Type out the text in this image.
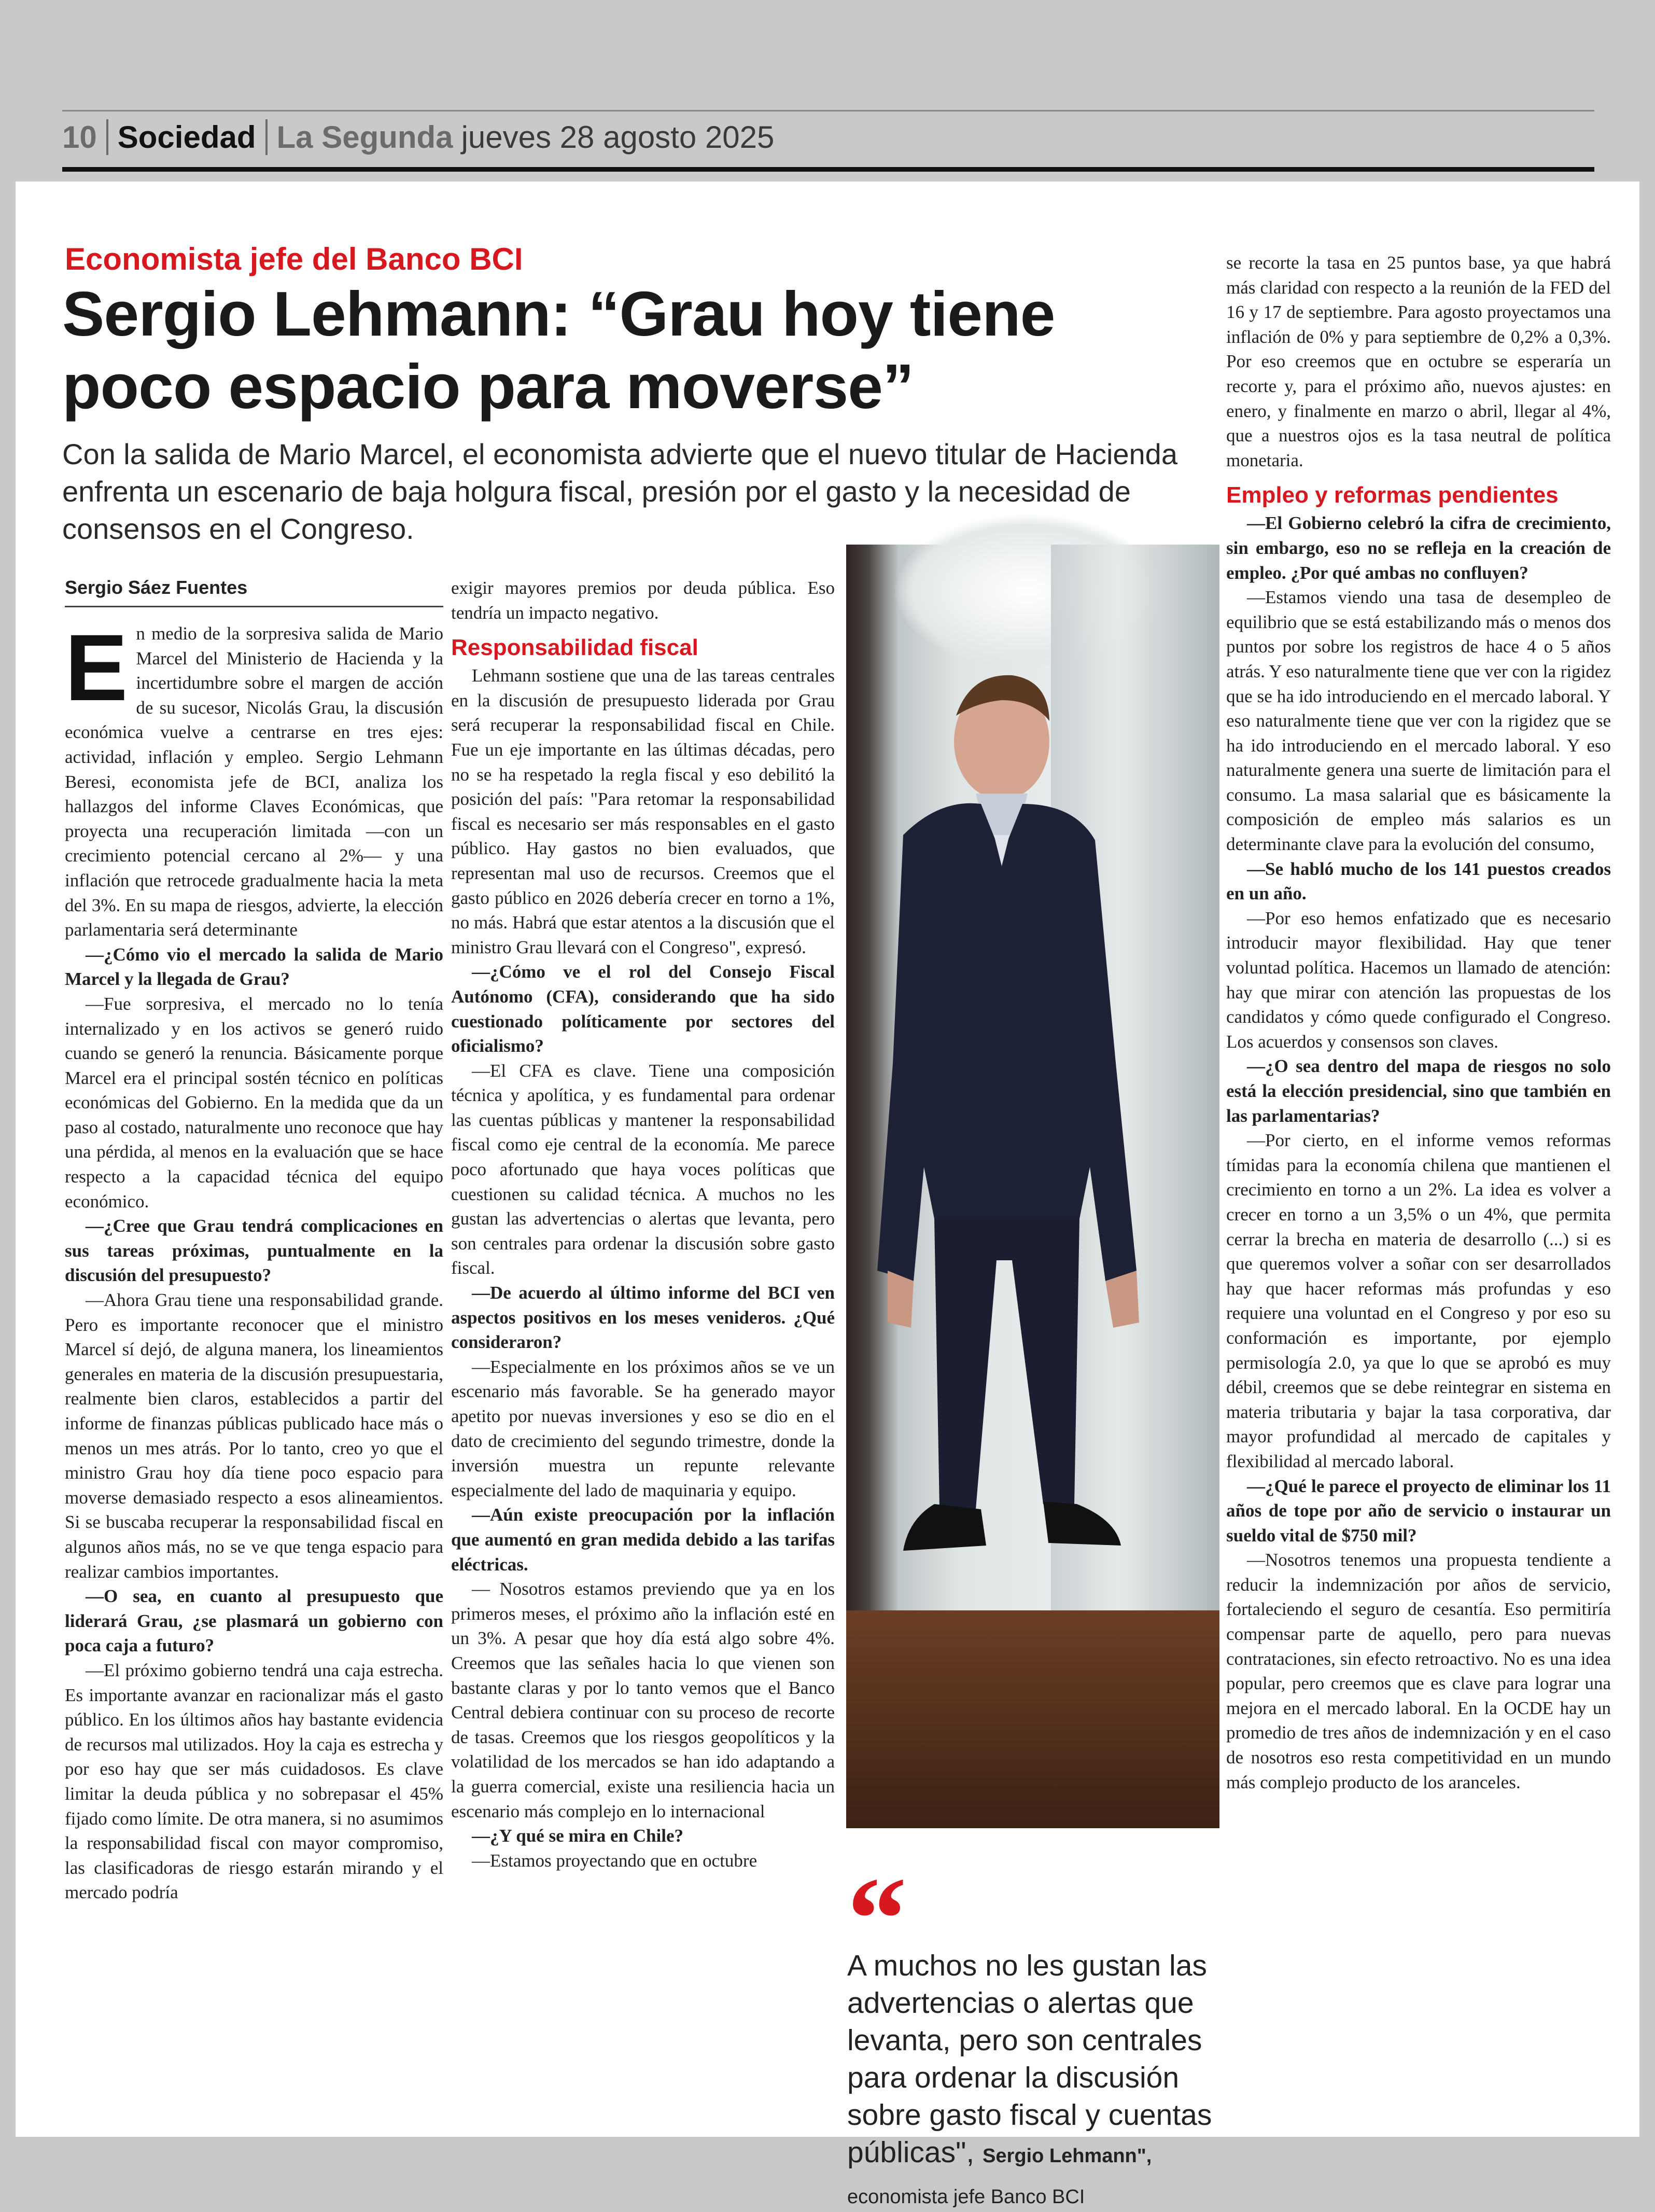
10 Sociedad La Segunda jueves 28 agosto 2025
Economista jefe del Banco BCI
Sergio Lehmann: “Grau hoy tiene
poco espacio para moverse”
Con la salida de Mario Marcel, el economista advierte que el nuevo titular de Hacienda enfrenta un escenario de baja holgura fiscal, presión por el gasto y la necesidad de consensos en el Congreso.
Sergio Sáez Fuentes

En medio de la sorpresiva salida de Mario Marcel del Ministerio de Hacienda y la incertidumbre sobre el margen de acción de su sucesor, Nicolás Grau, la discusión económica vuelve a centrarse en tres ejes: actividad, inflación y empleo. Sergio Lehmann Beresi, economista jefe de BCI, analiza los hallazgos del informe Claves Económicas, que proyecta una recuperación limitada —con un crecimiento potencial cercano al 2%— y una inflación que retrocede gradualmente hacia la meta del 3%. En su mapa de riesgos, advierte, la elección parlamentaria será determinante

—¿Cómo vio el mercado la salida de Mario Marcel y la llegada de Grau?

—Fue sorpresiva, el mercado no lo tenía internalizado y en los activos se generó ruido cuando se generó la renuncia. Básicamente porque Marcel era el principal sostén técnico en políticas económicas del Gobierno. En la medida que da un paso al costado, naturalmente uno reconoce que hay una pérdida, al menos en la evaluación que se hace respecto a la capacidad técnica del equipo económico.

—¿Cree que Grau tendrá complicaciones en sus tareas próximas, puntualmente en la discusión del presupuesto?

—Ahora Grau tiene una responsabilidad grande. Pero es importante reconocer que el ministro Marcel sí dejó, de alguna manera, los lineamientos generales en materia de la discusión presupuestaria, realmente bien claros, establecidos a partir del informe de finanzas públicas publicado hace más o menos un mes atrás. Por lo tanto, creo yo que el ministro Grau hoy día tiene poco espacio para moverse demasiado respecto a esos alineamientos. Si se buscaba recuperar la responsabilidad fiscal en algunos años más, no se ve que tenga espacio para realizar cambios importantes.

—O sea, en cuanto al presupuesto que liderará Grau, ¿se plasmará un gobierno con poca caja a futuro?

—El próximo gobierno tendrá una caja estrecha. Es importante avanzar en racionalizar más el gasto público. En los últimos años hay bastante evidencia de recursos mal utilizados. Hoy la caja es estrecha y por eso hay que ser más cuidadosos. Es clave limitar la deuda pública y no sobrepasar el 45% fijado como límite. De otra manera, si no asumimos la responsabilidad fiscal con mayor compromiso, las clasificadoras de riesgo estarán mirando y el mercado podría

exigir mayores premios por deuda pública. Eso tendría un impacto negativo.

Responsabilidad fiscal

Lehmann sostiene que una de las tareas centrales en la discusión de presupuesto liderada por Grau será recuperar la responsabilidad fiscal en Chile. Fue un eje importante en las últimas décadas, pero no se ha respetado la regla fiscal y eso debilitó la posición del país: "Para retomar la responsabilidad fiscal es necesario ser más responsables en el gasto público. Hay gastos no bien evaluados, que representan mal uso de recursos. Creemos que el gasto público en 2026 debería crecer en torno a 1%, no más. Habrá que estar atentos a la discusión que el ministro Grau llevará con el Congreso", expresó.

—¿Cómo ve el rol del Consejo Fiscal Autónomo (CFA), considerando que ha sido cuestionado políticamente por sectores del oficialismo?

—El CFA es clave. Tiene una composición técnica y apolítica, y es fundamental para ordenar las cuentas públicas y mantener la responsabilidad fiscal como eje central de la economía. Me parece poco afortunado que haya voces políticas que cuestionen su calidad técnica. A muchos no les gustan las advertencias o alertas que levanta, pero son centrales para ordenar la discusión sobre gasto fiscal.

—De acuerdo al último informe del BCI ven aspectos positivos en los meses venideros. ¿Qué consideraron?

—Especialmente en los próximos años se ve un escenario más favorable. Se ha generado mayor apetito por nuevas inversiones y eso se dio en el dato de crecimiento del segundo trimestre, donde la inversión muestra un repunte relevante especialmente del lado de maquinaria y equipo.

—Aún existe preocupación por la inflación que aumentó en gran medida debido a las tarifas eléctricas.

— Nosotros estamos previendo que ya en los primeros meses, el próximo año la inflación esté en un 3%. A pesar que hoy día está algo sobre 4%. Creemos que las señales hacia lo que vienen son bastante claras y por lo tanto vemos que el Banco Central debiera continuar con su proceso de recorte de tasas. Creemos que los riesgos geopolíticos y la volatilidad de los mercados se han ido adaptando a la guerra comercial, existe una resiliencia hacia un escenario más complejo en lo internacional

—¿Y qué se mira en Chile?

—Estamos proyectando que en octubre “
A muchos no les gustan las advertencias o alertas que levanta, pero son centrales para ordenar la discusión sobre gasto fiscal y cuentas públicas", Sergio Lehmann", economista jefe Banco BCI

se recorte la tasa en 25 puntos base, ya que habrá más claridad con respecto a la reunión de la FED del 16 y 17 de septiembre. Para agosto proyectamos una inflación de 0% y para septiembre de 0,2% a 0,3%. Por eso creemos que en octubre se esperaría un recorte y, para el próximo año, nuevos ajustes: en enero, y finalmente en marzo o abril, llegar al 4%, que a nuestros ojos es la tasa neutral de política monetaria.

Empleo y reformas pendientes

—El Gobierno celebró la cifra de crecimiento, sin embargo, eso no se refleja en la creación de empleo. ¿Por qué ambas no confluyen?

—Estamos viendo una tasa de desempleo de equilibrio que se está estabilizando más o menos dos puntos por sobre los registros de hace 4 o 5 años atrás. Y eso naturalmente tiene que ver con la rigidez que se ha ido introduciendo en el mercado laboral. Y eso naturalmente tiene que ver con la rigidez que se ha ido introduciendo en el mercado laboral. Y eso naturalmente genera una suerte de limitación para el consumo. La masa salarial que es básicamente la composición de empleo más salarios es un determinante clave para la evolución del consumo,

—Se habló mucho de los 141 puestos creados en un año.

—Por eso hemos enfatizado que es necesario introducir mayor flexibilidad. Hay que tener voluntad política. Hacemos un llamado de atención: hay que mirar con atención las propuestas de los candidatos y cómo quede configurado el Congreso. Los acuerdos y consensos son claves.

—¿O sea dentro del mapa de riesgos no solo está la elección presidencial, sino que también en las parlamentarias?

—Por cierto, en el informe vemos reformas tímidas para la economía chilena que mantienen el crecimiento en torno a un 2%. La idea es volver a crecer en torno a un 3,5% o un 4%, que permita cerrar la brecha en materia de desarrollo (...) si es que queremos volver a soñar con ser desarrollados hay que hacer reformas más profundas y eso requiere una voluntad en el Congreso y por eso su conformación es importante, por ejemplo permisología 2.0, ya que lo que se aprobó es muy débil, creemos que se debe reintegrar en sistema en materia tributaria y bajar la tasa corporativa, dar mayor profundidad al mercado de capitales y flexibilidad al mercado laboral.

—¿Qué le parece el proyecto de eliminar los 11 años de tope por año de servicio o instaurar un sueldo vital de $750 mil?

—Nosotros tenemos una propuesta tendiente a reducir la indemnización por años de servicio, fortaleciendo el seguro de cesantía. Eso permitiría compensar parte de aquello, pero para nuevas contrataciones, sin efecto retroactivo. No es una idea popular, pero creemos que es clave para lograr una mejora en el mercado laboral. En la OCDE hay un promedio de tres años de indemnización y en el caso de nosotros eso resta competitividad en un mundo más complejo producto de los aranceles.
